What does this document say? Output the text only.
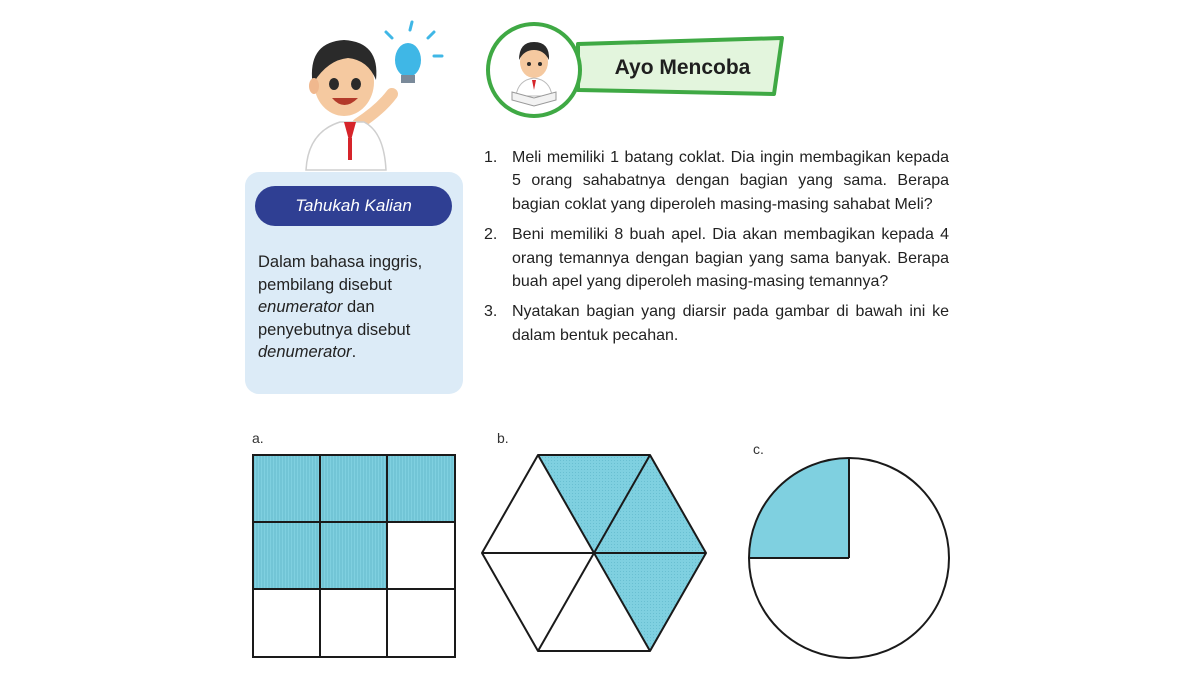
Tahukah Kalian
Dalam bahasa inggris,
pembilang disebut
enumerator dan
penyebutnya disebut
denumerator.
Ayo Mencoba
1. Meli memiliki 1 batang coklat. Dia ingin membagikan kepada 5 orang sahabatnya dengan bagian yang sama. Berapa bagian coklat yang diperoleh masing-masing sahabat Meli?
2. Beni memiliki 8 buah apel. Dia akan membagikan kepada 4 orang temannya dengan bagian yang sama banyak. Berapa buah apel yang diperoleh masing-masing temannya?
3. Nyatakan bagian yang diarsir pada gambar di bawah ini ke dalam bentuk pecahan.
a.	b.
c.
